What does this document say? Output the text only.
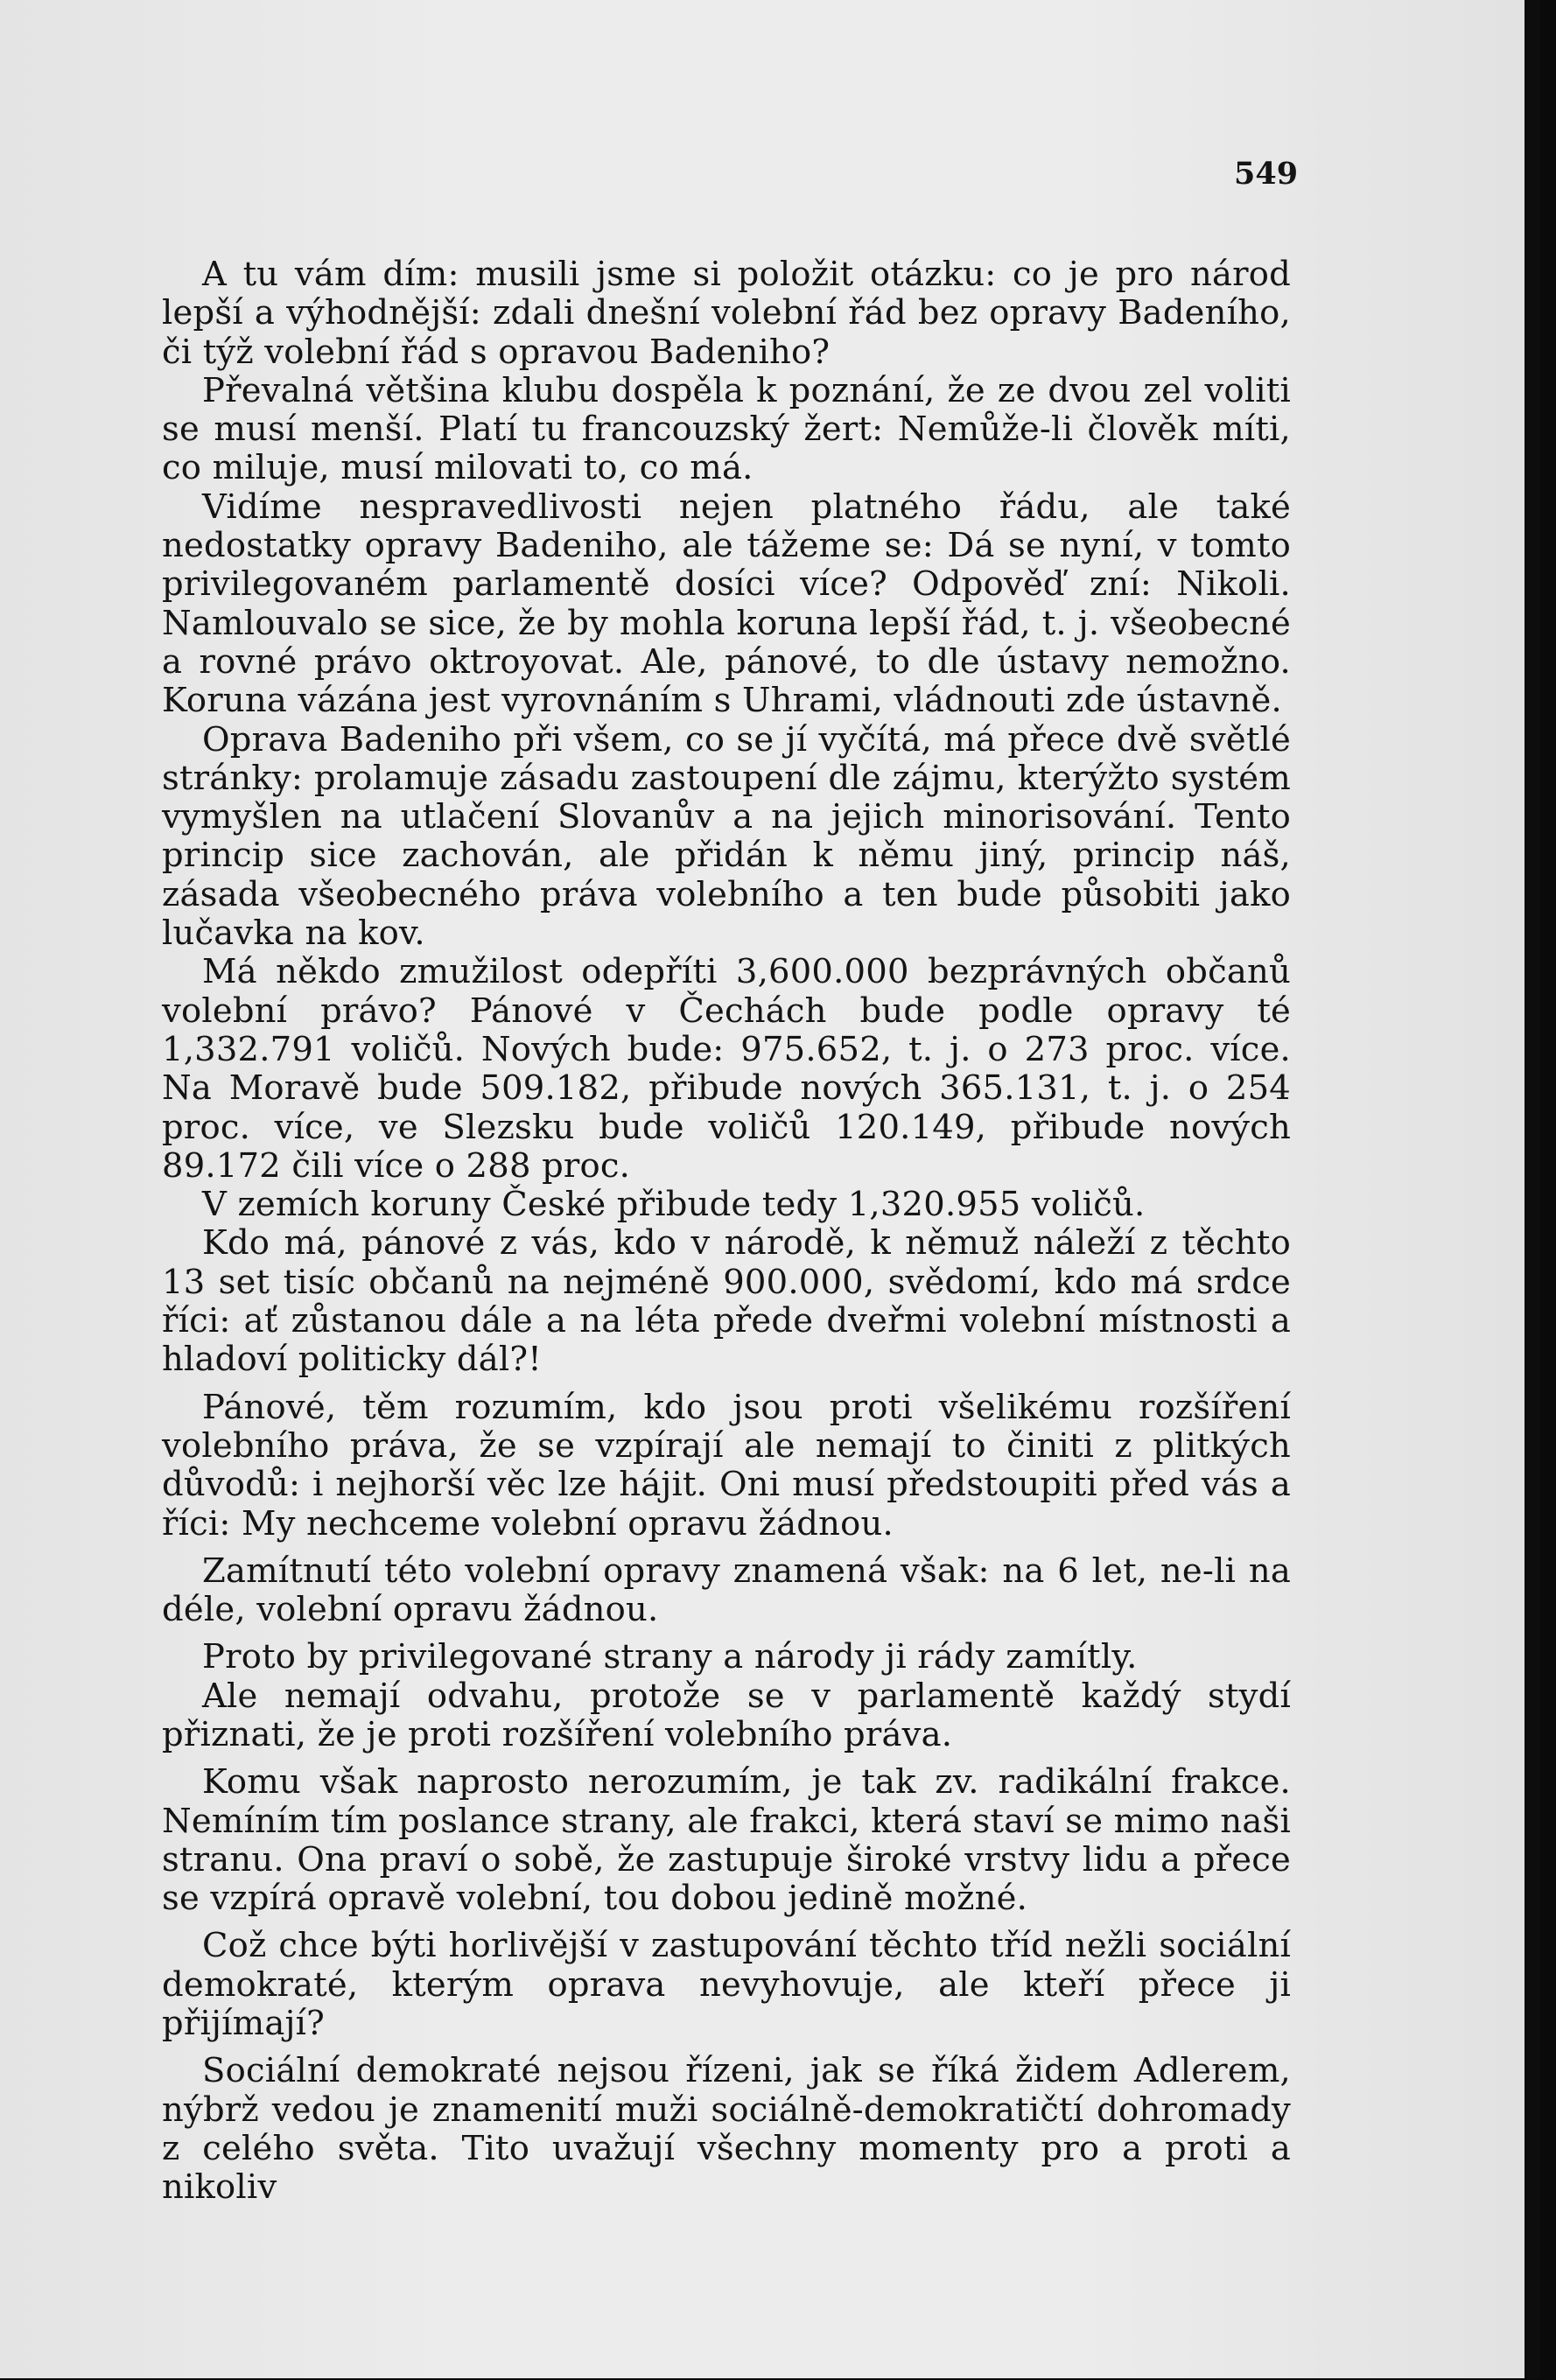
549

A tu vám dím: musili jsme si položit otázku: co je pro národ lepší a výhodnější: zdali dnešní volební řád bez opravy Badeního, či týž volební řád s opravou Badeniho?

Převalná většina klubu dospěla k poznání, že ze dvou zel voliti se musí menší. Platí tu francouzský žert: Nemůže-li člověk míti, co miluje, musí milovati to, co má.

Vidíme nespravedlivosti nejen platného řádu, ale také nedostatky opravy Badeniho, ale tážeme se: Dá se nyní, v tomto privilegovaném parlamentě dosíci více? Odpověď zní: Nikoli. Namlouvalo se sice, že by mohla koruna lepší řád, t. j. všeobecné a rovné právo oktroyovat. Ale, pánové, to dle ústavy nemožno. Koruna vázána jest vyrovnáním s Uhrami, vládnouti zde ústavně.

Oprava Badeniho při všem, co se jí vyčítá, má přece dvě světlé stránky: prolamuje zásadu zastoupení dle zájmu, kterýžto systém vymyšlen na utlačení Slovanův a na jejich minorisování. Tento princip sice zachován, ale přidán k němu jiný, princip náš, zásada všeobecného práva volebního a ten bude působiti jako lučavka na kov.

Má někdo zmužilost odepříti 3,600.000 bezprávných občanů volební právo? Pánové v Čechách bude podle opravy té 1,332.791 voličů. Nových bude: 975.652, t. j. o 273 proc. více. Na Moravě bude 509.182, přibude nových 365.131, t. j. o 254 proc. více, ve Slezsku bude voličů 120.149, přibude nových 89.172 čili více o 288 proc.

V zemích koruny České přibude tedy 1,320.955 voličů.

Kdo má, pánové z vás, kdo v národě, k němuž náleží z těchto 13 set tisíc občanů na nejméně 900.000, svědomí, kdo má srdce říci: ať zůstanou dále a na léta přede dveřmi volební místnosti a hladoví politicky dál?!

Pánové, těm rozumím, kdo jsou proti všelikému rozšíření volebního práva, že se vzpírají ale nemají to činiti z plitkých důvodů: i nejhorší věc lze hájit. Oni musí předstoupiti před vás a říci: My nechceme volební opravu žádnou.

Zamítnutí této volební opravy znamená však: na 6 let, ne-li na déle, volební opravu žádnou.

Proto by privilegované strany a národy ji rády zamítly.

Ale nemají odvahu, protože se v parlamentě každý stydí přiznati, že je proti rozšíření volebního práva.

Komu však naprosto nerozumím, je tak zv. radikální frakce. Nemíním tím poslance strany, ale frakci, která staví se mimo naši stranu. Ona praví o sobě, že zastupuje široké vrstvy lidu a přece se vzpírá opravě volební, tou dobou jedině možné.

Což chce býti horlivější v zastupování těchto tříd nežli sociální demokraté, kterým oprava nevyhovuje, ale kteří přece ji přijímají?

Sociální demokraté nejsou řízeni, jak se říká židem Adlerem, nýbrž vedou je znamenití muži sociálně-demokratičtí dohromady z celého světa. Tito uvažují všechny momenty pro a proti a nikoliv
